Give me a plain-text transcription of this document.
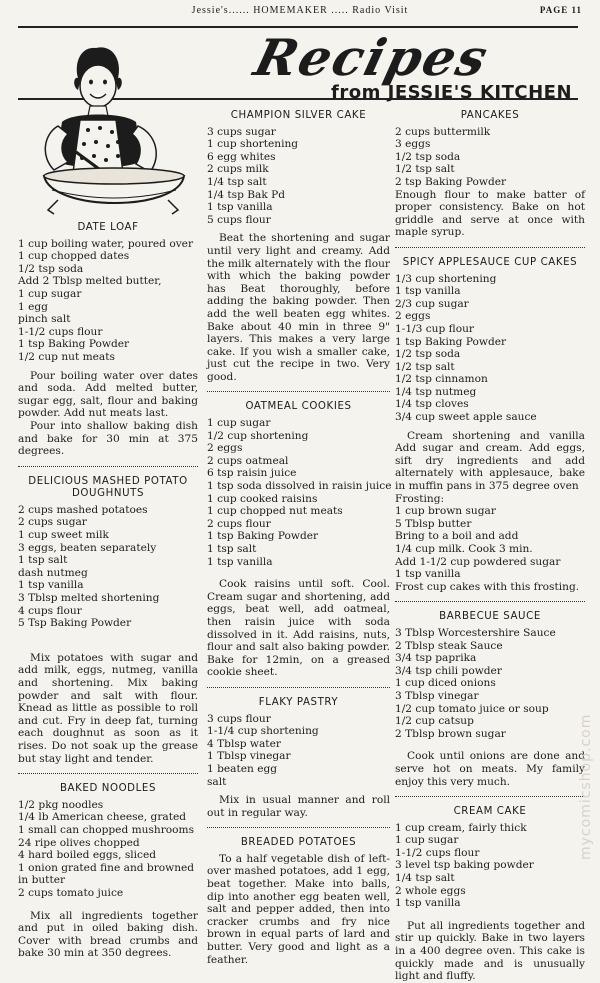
Jessie's...... HOMEMAKER ..... Radio Visit	PAGE 11
Recipes
from JESSIE'S KITCHEN
DATE LOAF
1 cup boiling water, poured over
1 cup chopped dates
1/2 tsp soda
Add 2 Tblsp melted butter,
1 cup sugar
1 egg
pinch salt
1-1/2 cups flour
1 tsp Baking Powder
1/2 cup nut meats

Pour boiling water over dates and soda. Add melted butter, sugar egg, salt, flour and baking powder. Add nut meats last.

Pour into shallow baking dish and bake for 30 min at 375 degrees.

DELICIOUS MASHED POTATO DOUGHNUTS
2 cups mashed potatoes
2 cups sugar
1 cup sweet milk
3 eggs, beaten separately
1 tsp salt
dash nutmeg
1 tsp vanilla
3 Tblsp melted shortening
4 cups flour
5 Tsp Baking Powder

Mix potatoes with sugar and add milk, eggs, nutmeg, vanilla and shortening. Mix baking powder and salt with flour. Knead as little as possible to roll and cut. Fry in deep fat, turning each doughnut as soon as it rises. Do not soak up the grease but stay light and tender.

BAKED NOODLES
1/2 pkg noodles
1/4 lb American cheese, grated
1 small can chopped mushrooms
24 ripe olives chopped
4 hard boiled eggs, sliced
1 onion grated fine and browned in butter
2 cups tomato juice

Mix all ingredients together and put in oiled baking dish. Cover with bread crumbs and bake 30 min at 350 degrees.

CHAMPION SILVER CAKE
3 cups sugar
1 cup shortening
6 egg whites
2 cups milk
1/4 tsp salt
1/4 tsp Bak Pd
1 tsp vanilla
5 cups flour

Beat the shortening and sugar until very light and creamy. Add the milk alternately with the flour with which the baking powder has Beat thoroughly, before adding the baking powder. Then add the well beaten egg whites. Bake about 40 min in three 9" layers. This makes a very large cake. If you wish a smaller cake, just cut the recipe in two. Very good.

OATMEAL COOKIES
1 cup sugar
1/2 cup shortening
2 eggs
2 cups oatmeal
6 tsp raisin juice
1 tsp soda dissolved in raisin juice
1 cup cooked raisins
1 cup chopped nut meats
2 cups flour
1 tsp Baking Powder
1 tsp salt
1 tsp vanilla

Cook raisins until soft. Cool. Cream sugar and shortening, add eggs, beat well, add oatmeal, then raisin juice with soda dissolved in it. Add raisins, nuts, flour and salt also baking powder. Bake for 12min, on a greased cookie sheet.

FLAKY PASTRY
3 cups flour
1-1/4 cup shortening
4 Tblsp water
1 Tblsp vinegar
1 beaten egg
salt

Mix in usual manner and roll out in regular way.

BREADED POTATOES

To a half vegetable dish of left-over mashed potatoes, add 1 egg, beat together. Make into balls, dip into another egg beaten well, salt and pepper added, then into cracker crumbs and fry nice brown in equal parts of lard and butter. Very good and light as a feather.

PANCAKES
2 cups buttermilk
3 eggs
1/2 tsp soda
1/2 tsp salt
2 tsp Baking Powder

Enough flour to make batter of proper consistency. Bake on hot griddle and serve at once with maple syrup.

SPICY APPLESAUCE CUP CAKES
1/3 cup shortening
1 tsp vanilla
2/3 cup sugar
2 eggs
1-1/3 cup flour
1 tsp Baking Powder
1/2 tsp soda
1/2 tsp salt
1/2 tsp cinnamon
1/4 tsp nutmeg
1/4 tsp cloves
3/4 cup sweet apple sauce

Cream shortening and vanilla Add sugar and cream. Add eggs, sift dry ingredients and add alternately with applesauce, bake in muffin pans in 375 degree oven

Frosting:
1 cup brown sugar
5 Tblsp butter
Bring to a boil and add
1/4 cup milk. Cook 3 min.
Add 1-1/2 cup powdered sugar
1 tsp vanilla
Frost cup cakes with this frosting.
BARBECUE SAUCE
3 Tblsp Worcestershire Sauce
2 Tblsp steak Sauce
3/4 tsp paprika
3/4 tsp chili powder
1 cup diced onions
3 Tblsp vinegar
1/2 cup tomato juice or soup
1/2 cup catsup
2 Tblsp brown sugar

Cook until onions are done and serve hot on meats. My family enjoy this very much.

CREAM CAKE
1 cup cream, fairly thick
1 cup sugar
1-1/2 cups flour
3 level tsp baking powder
1/4 tsp salt
2 whole eggs
1 tsp vanilla

Put all ingredients together and stir up quickly. Bake in two layers in a 400 degree oven. This cake is quickly made and is unusually light and fluffy.

mycomicshop.com
